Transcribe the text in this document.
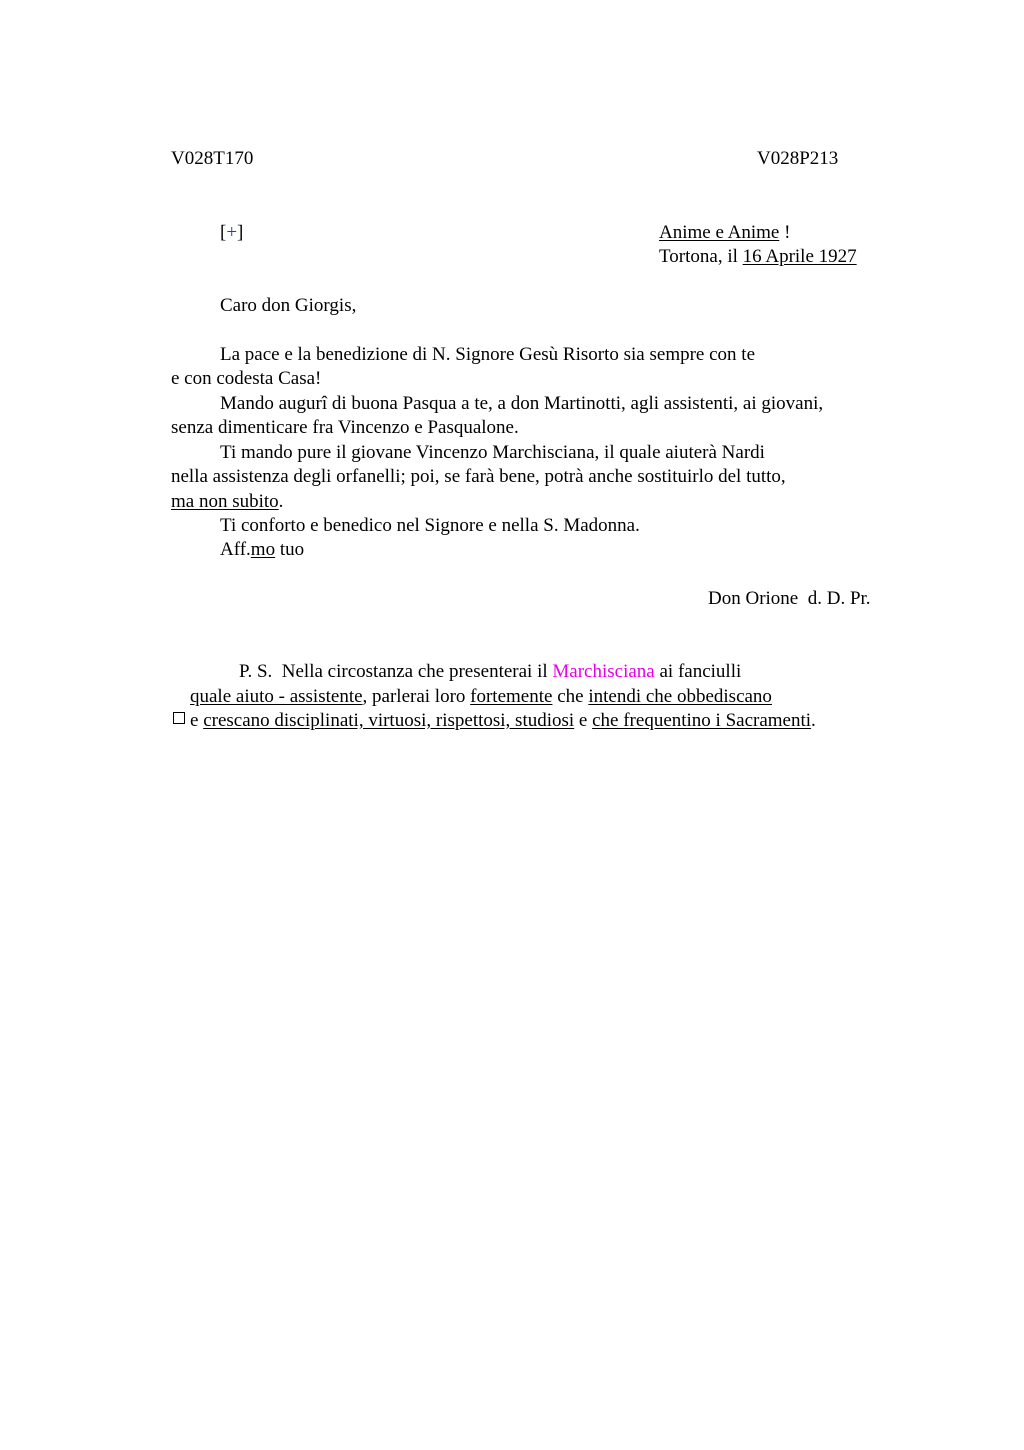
V028T170	V028P213
[+]	Anime e Anime !
Tortona, il 16 Aprile 1927
Caro don Giorgis,
La pace e la benedizione di N. Signore Gesù Risorto sia sempre con te
e con codesta Casa!
Mando augurî di buona Pasqua a te, a don Martinotti, agli assistenti, ai giovani,
senza dimenticare fra Vincenzo e Pasqualone.
Ti mando pure il giovane Vincenzo Marchisciana, il quale aiuterà Nardi
nella assistenza degli orfanelli; poi, se farà bene, potrà anche sostituirlo del tutto,
ma non subito.
Ti conforto e benedico nel Signore e nella S. Madonna.
Aff.mo tuo
Don Orione  d. D. Pr.

P. S.  Nella circostanza che presenterai il Marchisciana ai fanciulli

quale aiuto - assistente, parlerai loro fortemente che intendi che obbediscano

e crescano disciplinati, virtuosi, rispettosi, studiosi e che frequentino i Sacramenti.
